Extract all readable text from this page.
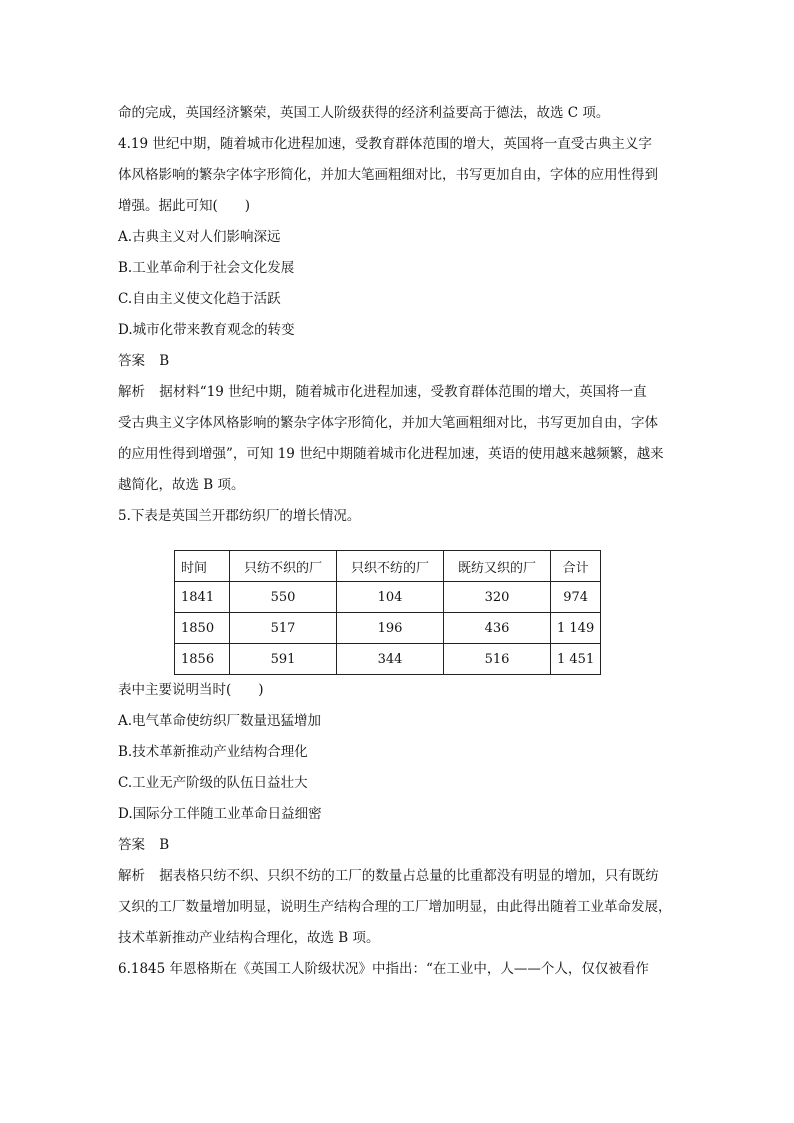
命的完成，英国经济繁荣，英国工人阶级获得的经济利益要高于德法，故选 C 项。
4.19 世纪中期，随着城市化进程加速，受教育群体范围的增大，英国将一直受古典主义字
体风格影响的繁杂字体字形简化，并加大笔画粗细对比，书写更加自由，字体的应用性得到
增强。据此可知(　　)
A.古典主义对人们影响深远
B.工业革命利于社会文化发展
C.自由主义使文化趋于活跃
D.城市化带来教育观念的转变
答案 B
解析 据材料“19 世纪中期，随着城市化进程加速，受教育群体范围的增大，英国将一直
受古典主义字体风格影响的繁杂字体字形简化，并加大笔画粗细对比，书写更加自由，字体
的应用性得到增强”，可知 19 世纪中期随着城市化进程加速，英语的使用越来越频繁，越来
越简化，故选 B 项。
5.下表是英国兰开郡纺织厂的增长情况。
时间	只纺不织的厂	只织不纺的厂	既纺又织的厂	合计
1841	550	104	320	974
1850	517	196	436	1 149
1856	591	344	516	1 451
表中主要说明当时(　　)
A.电气革命使纺织厂数量迅猛增加
B.技术革新推动产业结构合理化
C.工业无产阶级的队伍日益壮大
D.国际分工伴随工业革命日益细密
答案 B
解析 据表格只纺不织、只织不纺的工厂的数量占总量的比重都没有明显的增加，只有既纺
又织的工厂数量增加明显，说明生产结构合理的工厂增加明显，由此得出随着工业革命发展，
技术革新推动产业结构合理化，故选 B 项。
6.1845 年恩格斯在《英国工人阶级状况》中指出：“在工业中，人——个人，仅仅被看作
